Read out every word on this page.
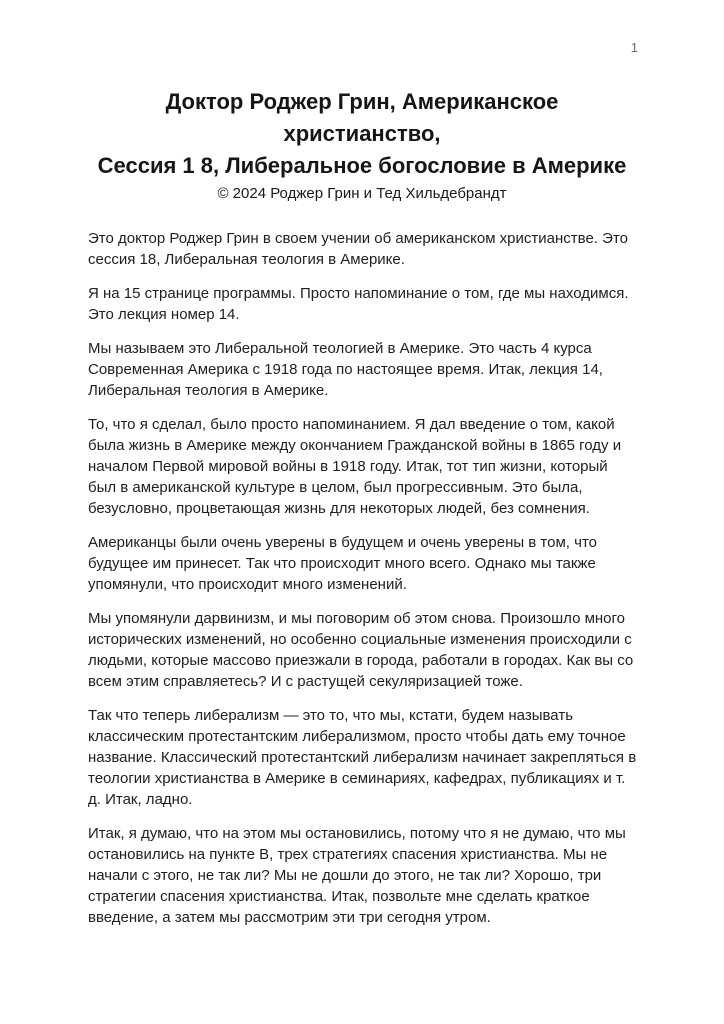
1
Доктор Роджер Грин, Американское
христианство,
Сессия 1 8, Либеральное богословие в Америке
© 2024 Роджер Грин и Тед Хильдебрандт

Это доктор Роджер Грин в своем учении об американском христианстве. Это сессия 18, Либеральная теология в Америке.

Я на 15 странице программы. Просто напоминание о том, где мы находимся. Это лекция номер 14.

Мы называем это Либеральной теологией в Америке. Это часть 4 курса Современная Америка с 1918 года по настоящее время. Итак, лекция 14, Либеральная теология в Америке.

То, что я сделал, было просто напоминанием. Я дал введение о том, какой была жизнь в Америке между окончанием Гражданской войны в 1865 году и началом Первой мировой войны в 1918 году. Итак, тот тип жизни, который был в американской культуре в целом, был прогрессивным. Это была, безусловно, процветающая жизнь для некоторых людей, без сомнения.

Американцы были очень уверены в будущем и очень уверены в том, что будущее им принесет. Так что происходит много всего. Однако мы также упомянули, что происходит много изменений.

Мы упомянули дарвинизм, и мы поговорим об этом снова. Произошло много исторических изменений, но особенно социальные изменения происходили с людьми, которые массово приезжали в города, работали в городах. Как вы со всем этим справляетесь? И с растущей секуляризацией тоже.

Так что теперь либерализм — это то, что мы, кстати, будем называть классическим протестантским либерализмом, просто чтобы дать ему точное название. Классический протестантский либерализм начинает закрепляться в теологии христианства в Америке в семинариях, кафедрах, публикациях и т. д. Итак, ладно.

Итак, я думаю, что на этом мы остановились, потому что я не думаю, что мы остановились на пункте B, трех стратегиях спасения христианства. Мы не начали с этого, не так ли? Мы не дошли до этого, не так ли? Хорошо, три стратегии спасения христианства. Итак, позвольте мне сделать краткое введение, а затем мы рассмотрим эти три сегодня утром.
